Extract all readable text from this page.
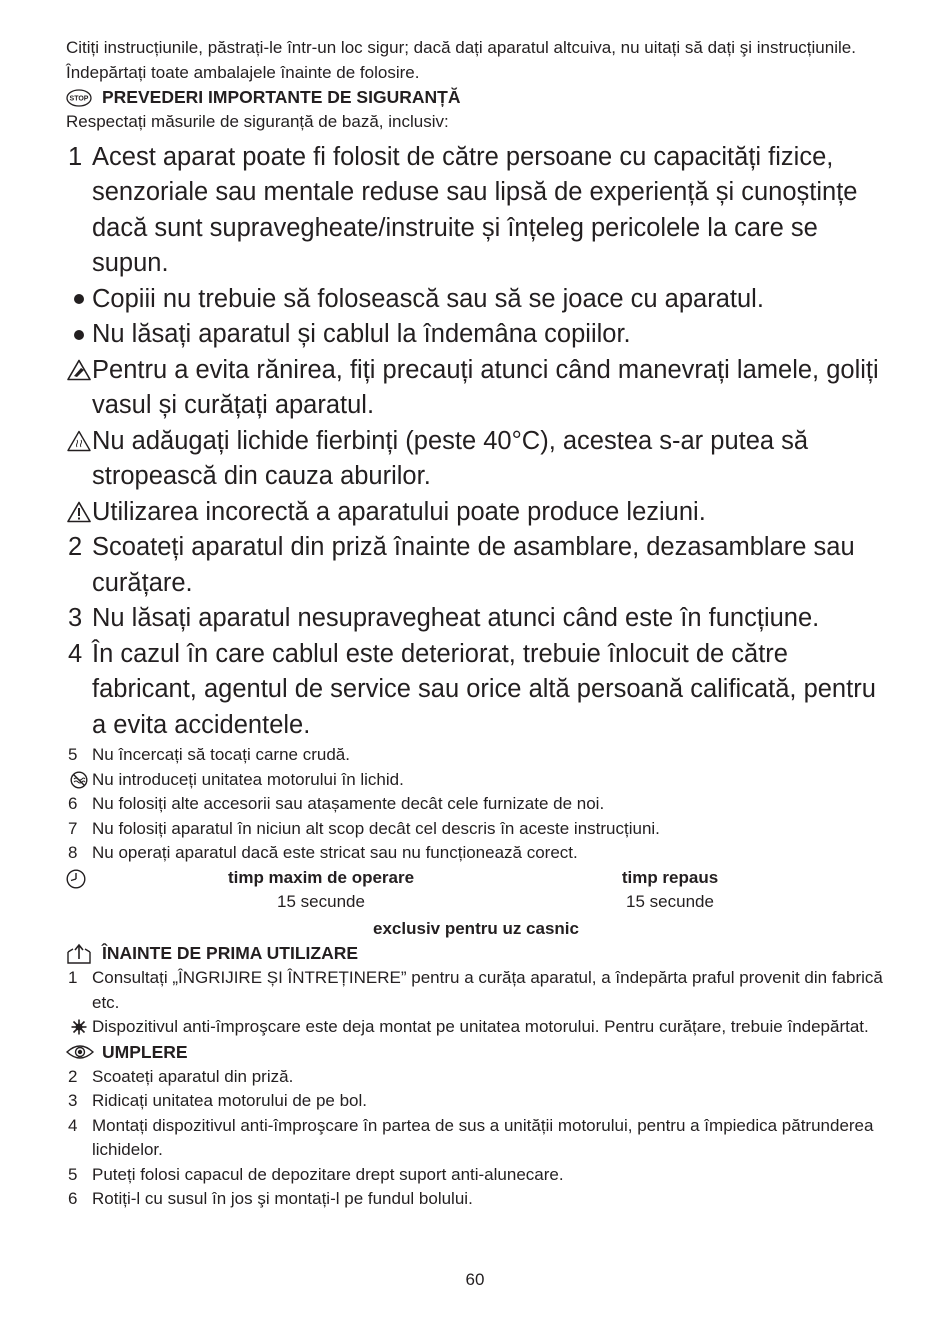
Citiți instrucțiunile, păstrați-le într-un loc sigur; dacă dați aparatul altcuiva, nu uitați să dați şi instrucțiunile.

Îndepărtați toate ambalajele înainte de folosire.

STOP PREVEDERI IMPORTANTE DE SIGURANȚĂ

Respectați măsurile de siguranță de bază, inclusiv:

1 Acest aparat poate fi folosit de către persoane cu capacități fizice, senzoriale sau mentale reduse sau lipsă de experiență și cunoștințe dacă sunt supravegheate/instruite și înțeleg pericolele la care se supun.
Copiii nu trebuie să folosească sau să se joace cu aparatul.
Nu lăsați aparatul și cablul la îndemâna copiilor.
Pentru a evita rănirea, fiți precauți atunci când manevrați lamele, goliți vasul și curățați aparatul.
Nu adăugați lichide fierbinți (peste 40°C), acestea s-ar putea să stropească din cauza aburilor.
Utilizarea incorectă a aparatului poate produce leziuni.
2 Scoateți aparatul din priză înainte de asamblare, dezasamblare sau curățare.
3 Nu lăsați aparatul nesupravegheat atunci când este în funcțiune.
4 În cazul în care cablul este deteriorat, trebuie înlocuit de către fabricant, agentul de service sau orice altă persoană calificată, pentru a evita accidentele.
5 Nu încercați să tocați carne crudă.
Nu introduceți unitatea motorului în lichid.
6 Nu folosiți alte accesorii sau atașamente decât cele furnizate de noi.
7 Nu folosiți aparatul în niciun alt scop decât cel descris în aceste instrucțiuni.
8 Nu operați aparatul dacă este stricat sau nu funcționează corect.

timp maxim de operare

15 secunde

timp repaus

15 secunde

exclusiv pentru uz casnic

ÎNAINTE DE PRIMA UTILIZARE
1 Consultați „ÎNGRIJIRE ȘI ÎNTREȚINERE” pentru a curăța aparatul, a îndepărta praful provenit din fabrică etc.
Dispozitivul anti-împroşcare este deja montat pe unitatea motorului. Pentru curățare, trebuie îndepărtat.
UMPLERE
2 Scoateți aparatul din priză.
3 Ridicați unitatea motorului de pe bol.
4 Montați dispozitivul anti-împroşcare în partea de sus a unității motorului, pentru a împiedica pătrunderea lichidelor.
5 Puteți folosi capacul de depozitare drept suport anti-alunecare.
6 Rotiți-l cu susul în jos şi montați-l pe fundul bolului.
60
